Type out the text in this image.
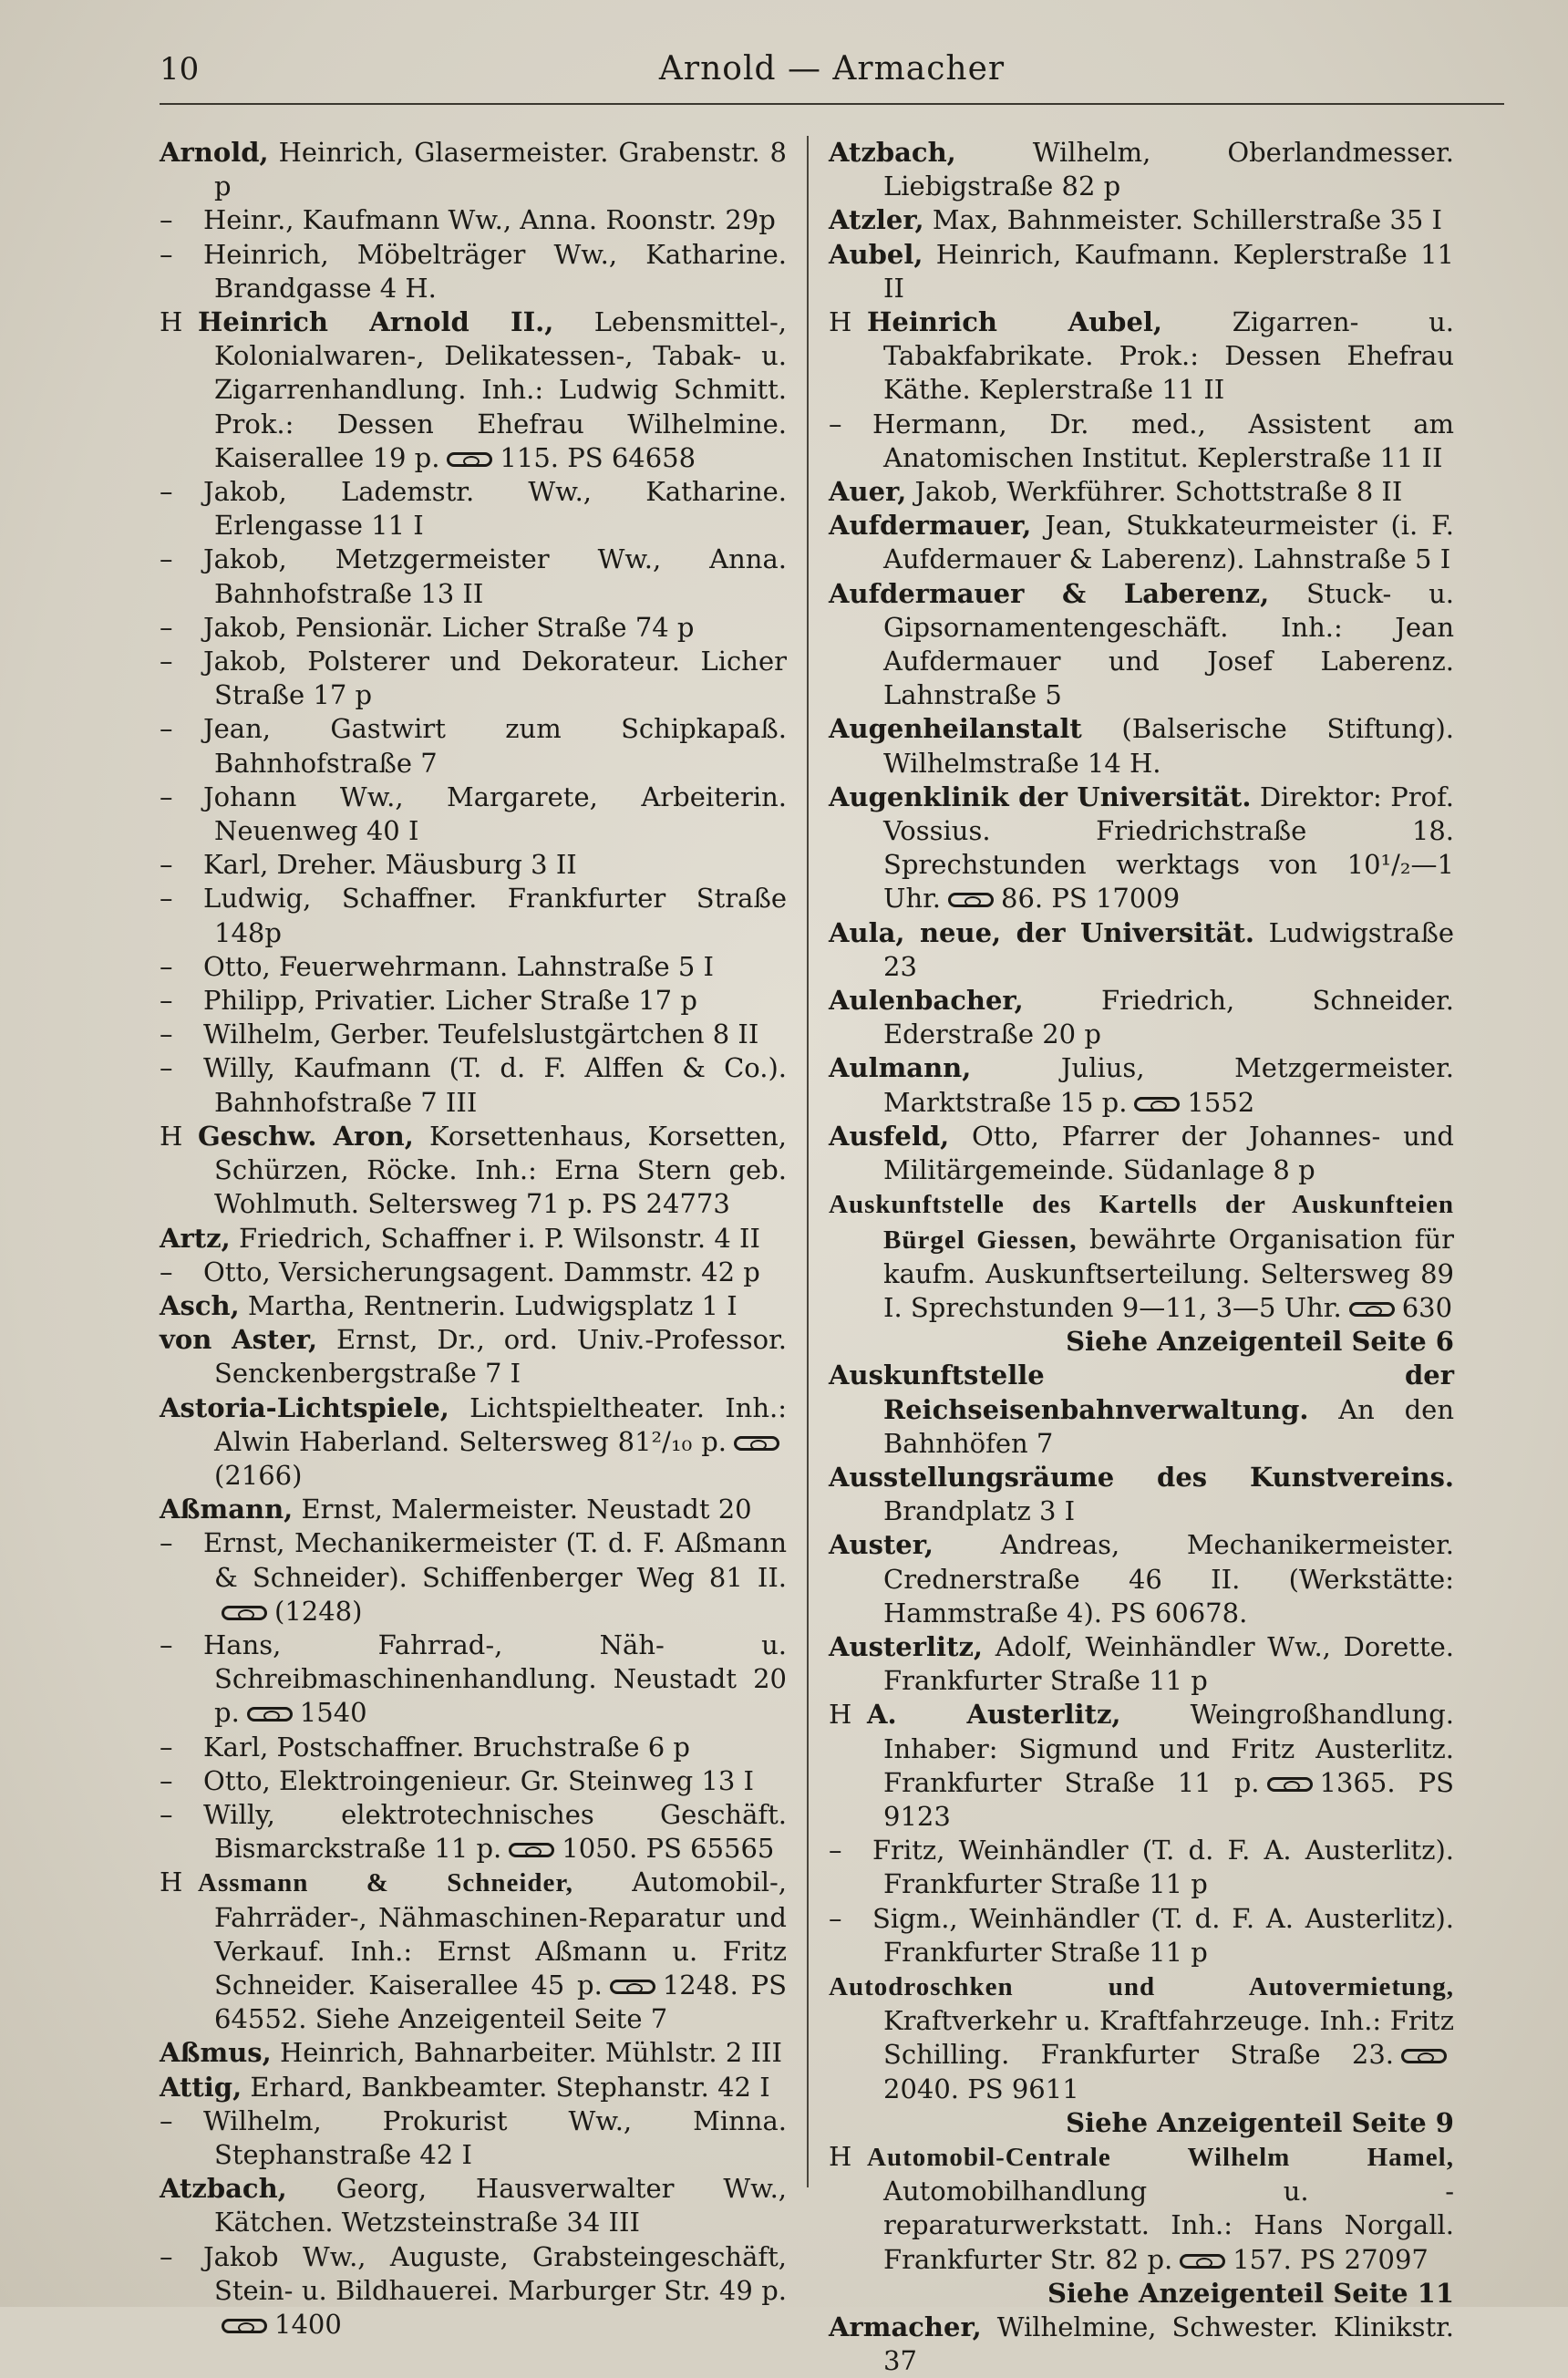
10	Arnold — Armacher
Arnold, Heinrich, Glasermeister. Grabenstr. 8 p
– Heinr., Kaufmann Ww., Anna. Roonstr. 29p
– Heinrich, Möbelträger Ww., Katharine. Brandgasse 4 H.
H Heinrich Arnold II., Lebensmittel-, Kolonialwaren-, Delikatessen-, Tabak- u. Zigarrenhandlung. Inh.: Ludwig Schmitt. Prok.: Dessen Ehefrau Wilhelmine. Kaiserallee 19 p. 115. PS 64658
– Jakob, Lademstr. Ww., Katharine. Erlengasse 11 I
– Jakob, Metzgermeister Ww., Anna. Bahnhofstraße 13 II
– Jakob, Pensionär. Licher Straße 74 p
– Jakob, Polsterer und Dekorateur. Licher Straße 17 p
– Jean, Gastwirt zum Schipkapaß. Bahnhofstraße 7
– Johann Ww., Margarete, Arbeiterin. Neuenweg 40 I
– Karl, Dreher. Mäusburg 3 II
– Ludwig, Schaffner. Frankfurter Straße 148p
– Otto, Feuerwehrmann. Lahnstraße 5 I
– Philipp, Privatier. Licher Straße 17 p
– Wilhelm, Gerber. Teufelslustgärtchen 8 II
– Willy, Kaufmann (T. d. F. Alffen & Co.). Bahnhofstraße 7 III
H Geschw. Aron, Korsettenhaus, Korsetten, Schürzen, Röcke. Inh.: Erna Stern geb. Wohlmuth. Seltersweg 71 p. PS 24773
Artz, Friedrich, Schaffner i. P. Wilsonstr. 4 II
– Otto, Versicherungsagent. Dammstr. 42 p
Asch, Martha, Rentnerin. Ludwigsplatz 1 I
von Aster, Ernst, Dr., ord. Univ.-Professor. Senckenbergstraße 7 I
Astoria-Lichtspiele, Lichtspieltheater. Inh.: Alwin Haberland. Seltersweg 81²/₁₀ p.(2166)
Aßmann, Ernst, Malermeister. Neustadt 20
– Ernst, Mechanikermeister (T. d. F. Aßmann & Schneider). Schiffenberger Weg 81 II.(1248)
– Hans, Fahrrad-, Näh- u. Schreibmaschinenhandlung. Neustadt 20 p. 1540
– Karl, Postschaffner. Bruchstraße 6 p
– Otto, Elektroingenieur. Gr. Steinweg 13 I
– Willy, elektrotechnisches Geschäft. Bismarckstraße 11 p. 1050. PS 65565
H Assmann & Schneider, Automobil-, Fahrräder-, Nähmaschinen-Reparatur und Verkauf. Inh.: Ernst Aßmann u. Fritz Schneider. Kaiserallee 45 p. 1248. PS 64552. Siehe Anzeigenteil Seite 7
Aßmus, Heinrich, Bahnarbeiter. Mühlstr. 2 III
Attig, Erhard, Bankbeamter. Stephanstr. 42 I
– Wilhelm, Prokurist Ww., Minna. Stephanstraße 42 I
Atzbach, Georg, Hausverwalter Ww., Kätchen. Wetzsteinstraße 34 III
– Jakob Ww., Auguste, Grabsteingeschäft, Stein- u. Bildhauerei. Marburger Str. 49 p.1400
Atzbach,	Wilhelm, Oberlandmesser. Liebigstraße 82 p
Atzler, Max, Bahnmeister. Schillerstraße 35 I
Aubel, Heinrich, Kaufmann. Keplerstraße 11 II
H Heinrich Aubel,	Zigarren- u. Tabakfabrikate. Prok.: Dessen Ehefrau Käthe. Keplerstraße 11 II
– Hermann, Dr. med., Assistent am Anatomischen Institut. Keplerstraße 11 II
Auer, Jakob, Werkführer. Schottstraße 8 II
Aufdermauer, Jean, Stukkateurmeister (i. F. Aufdermauer & Laberenz). Lahnstraße 5 I
Aufdermauer & Laberenz, Stuck- u. Gipsornamentengeschäft. Inh.: Jean Aufdermauer und Josef Laberenz. Lahnstraße 5
Augenheilanstalt (Balserische Stiftung). Wilhelmstraße 14 H.
Augenklinik der Universität. Direktor: Prof. Vossius. Friedrichstraße 18. Sprechstunden werktags von 10¹/₂—1 Uhr. 86. PS 17009
Aula, neue, der Universität. Ludwigstraße 23
Aulenbacher,	Friedrich, Schneider. Ederstraße 20 p
Aulmann,	Julius, Metzgermeister. Marktstraße 15 p. 1552
Ausfeld, Otto, Pfarrer der Johannes- und Militärgemeinde. Südanlage 8 p
Auskunftstelle des Kartells der Auskunfteien Bürgel Giessen, bewährte Organisation für kaufm. Auskunftserteilung. Seltersweg 89 I. Sprechstunden 9—11, 3—5 Uhr. 630
Siehe Anzeigenteil Seite 6
Auskunftstelle der Reichseisenbahnverwaltung. An den Bahnhöfen 7
Ausstellungsräume des Kunstvereins. Brandplatz 3 I
Auster,	Andreas, Mechanikermeister. Crednerstraße 46 II. (Werkstätte: Hammstraße 4). PS 60678.
Austerlitz, Adolf, Weinhändler Ww., Dorette. Frankfurter Straße 11 p
H A. Austerlitz,	Weingroßhandlung. Inhaber: Sigmund und Fritz Austerlitz. Frankfurter Straße 11 p. 1365. PS 9123
– Fritz, Weinhändler (T. d. F. A. Austerlitz). Frankfurter Straße 11 p
– Sigm., Weinhändler (T. d. F. A. Austerlitz). Frankfurter Straße 11 p
Autodroschken und Autovermietung, Kraftverkehr u. Kraftfahrzeuge. Inh.: Fritz Schilling. Frankfurter Straße 23.2040. PS 9611
Siehe Anzeigenteil Seite 9
H Automobil-Centrale Wilhelm Hamel, Automobilhandlung u. -reparaturwerkstatt. Inh.: Hans Norgall. Frankfurter Str. 82 p. 157. PS 27097
Siehe Anzeigenteil Seite 11
Armacher, Wilhelmine, Schwester. Klinikstr. 37
